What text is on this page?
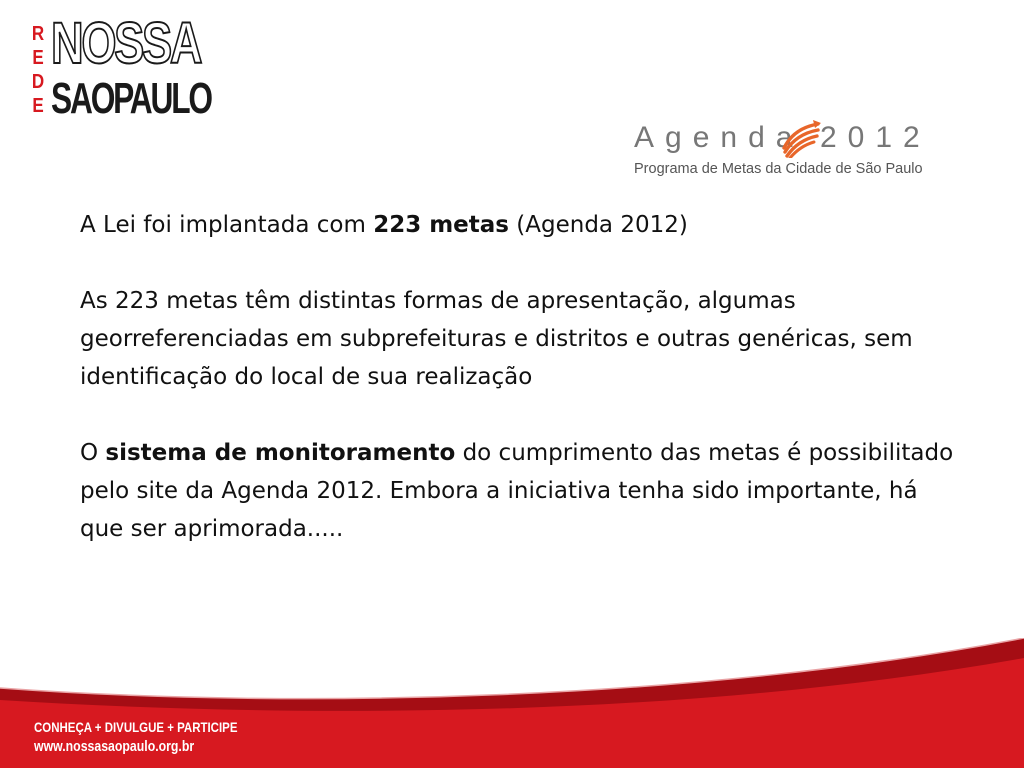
R
E
D
E
NOSSA
SAOPAULO
Agenda 2012
Programa de Metas da Cidade de São Paulo

A Lei foi implantada com 223 metas (Agenda 2012)

As 223 metas têm distintas formas de apresentação, algumas georreferenciadas em subprefeituras e distritos e outras genéricas, sem identificação do local de sua realização

O sistema de monitoramento do cumprimento das metas é possibilitado pelo site da Agenda 2012. Embora a iniciativa tenha sido importante, há que ser aprimorada.....

CONHEÇA + DIVULGUE + PARTICIPE
www.nossasaopaulo.org.br
